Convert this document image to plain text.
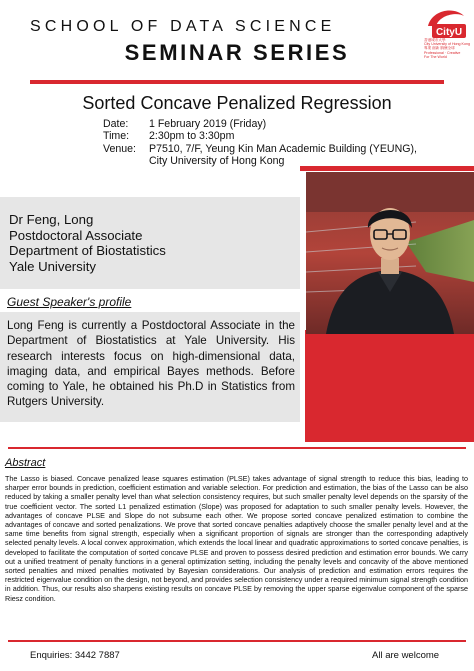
SCHOOL OF DATA SCIENCE
SEMINAR SERIES
CityU
香港城市大學
City University of Hong Kong
專業 創新 胸懷全球
Professional · Creative
For The World
Sorted Concave Penalized Regression
Date:	1 February 2019 (Friday)
Time:	2:30pm to 3:30pm
Venue:	P7510, 7/F, Yeung Kin Man Academic Building (YEUNG),
City University of Hong Kong
Dr Feng, Long
Postdoctoral Associate
Department of Biostatistics
Yale University
Guest Speaker's profile
Long Feng is currently a Postdoctoral Associate in the Department of Biostatistics at Yale University. His research interests focus on high-dimensional data, imaging data, and empirical Bayes methods. Before coming to Yale, he obtained his Ph.D in Statistics from Rutgers University.
Abstract
The Lasso is biased. Concave penalized lease squares estimation (PLSE) takes advantage of signal strength to reduce this bias, leading to sharper error bounds in prediction, coefficient estimation and variable selection. For prediction and estimation, the bias of the Lasso can be also reduced by taking a smaller penalty level than what selection consistency requires, but such smaller penalty level depends on the sparsity of the true coefficient vector. The sorted L1 penalized estimation (Slope) was proposed for adaptation to such smaller penalty levels. However, the advantages of concave PLSE and Slope do not subsume each other. We propose sorted concave penalized estimation to combine the advantages of concave and sorted penalizations. We prove that sorted concave penalties adaptively choose the smaller penalty level and at the same time benefits from signal strength, especially when a significant proportion of signals are stronger than the corresponding adaptively selected penalty levels. A local convex approximation, which extends the local linear and quadratic approximations to sorted concave penalties, is developed to facilitate the computation of sorted concave PLSE and proven to possess desired prediction and estimation error bounds. We carry out a unified treatment of penalty functions in a general optimization setting, including the penalty levels and concavity of the above mentioned sorted penalties and mixed penalties motivated by Bayesian considerations. Our analysis of prediction and estimation errors requires the restricted eigenvalue condition on the design, not beyond, and provides selection consistency under a required minimum signal strength condition in addition. Thus, our results also sharpens existing results on concave PLSE by removing the upper sparse eigenvalue component of the sparse Riesz condition.
Enquiries: 3442 7887	All are welcome
